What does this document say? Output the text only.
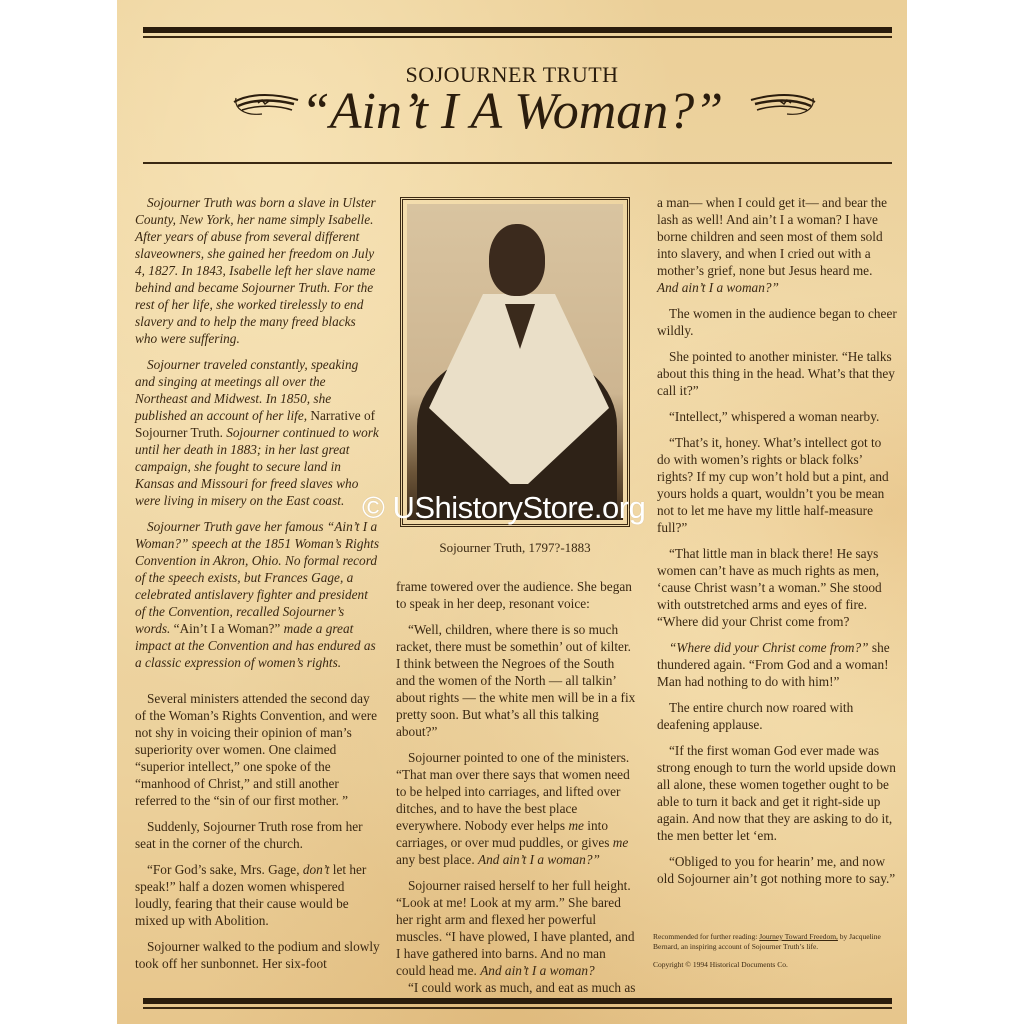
SOJOURNER TRUTH
“Ain’t I A Woman?”

Sojourner Truth was born a slave in Ulster County, New York, her name simply Isabelle. After years of abuse from several different slaveowners, she gained her freedom on July 4, 1827. In 1843, Isabelle left her slave name behind and became Sojourner Truth. For the rest of her life, she worked tirelessly to end slavery and to help the many freed blacks who were suffering.

Sojourner traveled constantly, speaking and singing at meetings all over the Northeast and Midwest. In 1850, she published an account of her life, Narrative of Sojourner Truth. Sojourner continued to work until her death in 1883; in her last great campaign, she fought to secure land in Kansas and Missouri for freed slaves who were living in misery on the East coast.

Sojourner Truth gave her famous “Ain’t I a Woman?” speech at the 1851 Woman’s Rights Convention in Akron, Ohio. No formal record of the speech exists, but Frances Gage, a celebrated antislavery fighter and president of the Convention, recalled Sojourner’s words. “Ain’t I a Woman?” made a great impact at the Convention and has endured as a classic expression of women’s rights.

Several ministers attended the second day of the Woman’s Rights Convention, and were not shy in voicing their opinion of man’s superiority over women. One claimed “superior intellect,” one spoke of the “manhood of Christ,” and still another referred to the “sin of our first mother. ”

Suddenly, Sojourner Truth rose from her seat in the corner of the church.

“For God’s sake, Mrs. Gage, don’t let her speak!” half a dozen women whispered loudly, fearing that their cause would be mixed up with Abolition.

Sojourner walked to the podium and slowly took off her sunbonnet. Her six-foot

Sojourner Truth, 1797?-1883

frame towered over the audience. She began to speak in her deep, resonant voice:

“Well, children, where there is so much racket, there must be somethin’ out of kilter. I think between the Negroes of the South and the women of the North — all talkin’ about rights — the white men will be in a fix pretty soon. But what’s all this talking about?”

Sojourner pointed to one of the ministers. “That man over there says that women need to be helped into carriages, and lifted over ditches, and to have the best place everywhere. Nobody ever helps me into carriages, or over mud puddles, or gives me any best place. And ain’t I a woman?”

Sojourner raised herself to her full height. “Look at me! Look at my arm.” She bared her right arm and flexed her powerful muscles. “I have plowed, I have planted, and I have gathered into barns. And no man could head me. And ain’t I a woman?

“I could work as much, and eat as much as

a man— when I could get it— and bear the lash as well! And ain’t I a woman? I have borne children and seen most of them sold into slavery, and when I cried out with a mother’s grief, none but Jesus heard me. And ain’t I a woman?”

The women in the audience began to cheer wildly.

She pointed to another minister. “He talks about this thing in the head. What’s that they call it?”

“Intellect,” whispered a woman nearby.

“That’s it, honey. What’s intellect got to do with women’s rights or black folks’ rights? If my cup won’t hold but a pint, and yours holds a quart, wouldn’t you be mean not to let me have my little half-measure full?”

“That little man in black there! He says women can’t have as much rights as men, ‘cause Christ wasn’t a woman.” She stood with outstretched arms and eyes of fire. “Where did your Christ come from?

“Where did your Christ come from?” she thundered again. “From God and a woman! Man had nothing to do with him!”

The entire church now roared with deafening applause.

“If the first woman God ever made was strong enough to turn the world upside down all alone, these women together ought to be able to turn it back and get it right-side up again. And now that they are asking to do it, the men better let ‘em.

“Obliged to you for hearin’ me, and now old Sojourner ain’t got nothing more to say.”

Recommended for further reading: Journey Toward Freedom, by Jacqueline Bernard, an inspiring account of Sojourner Truth’s life.
Copyright © 1994 Historical Documents Co.
© UShistoryStore.org
